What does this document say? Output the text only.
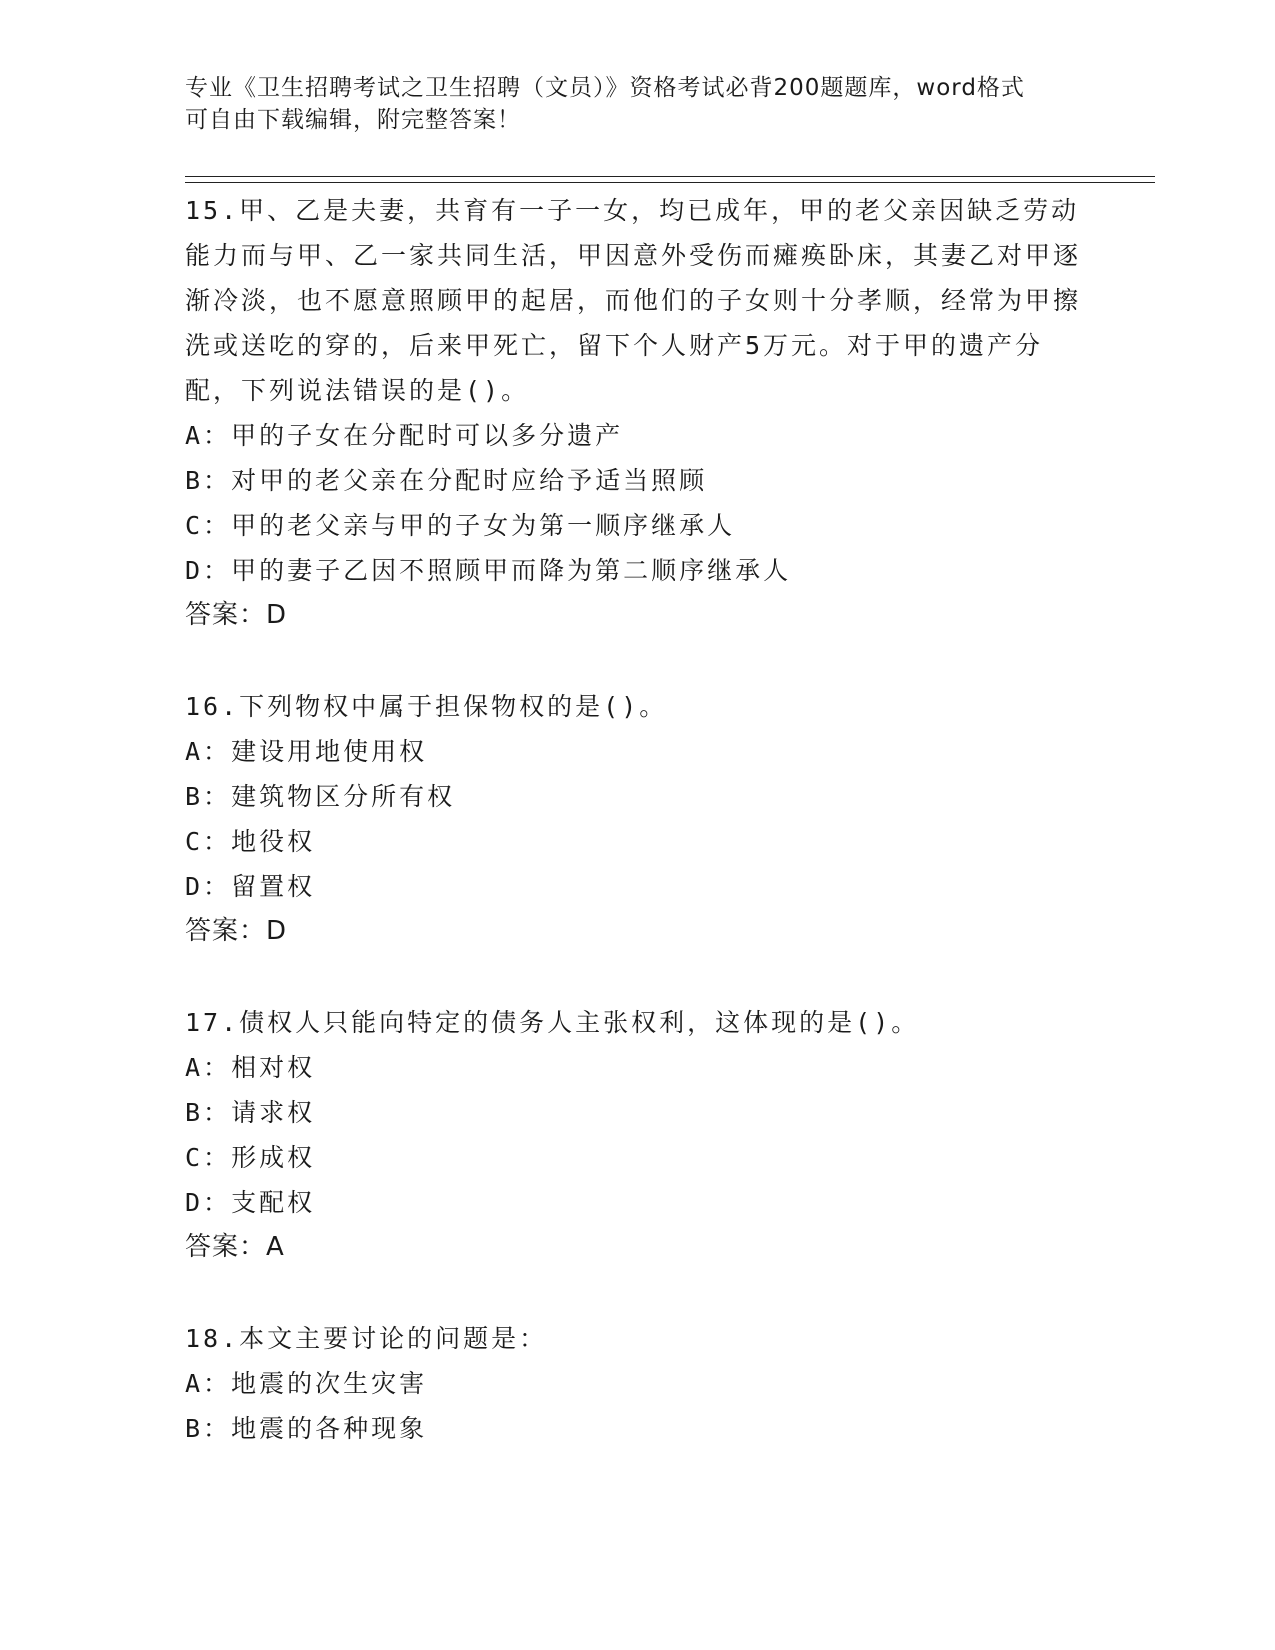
专业《卫生招聘考试之卫生招聘（文员）》资格考试必背200题题库，word格式
可自由下载编辑，附完整答案！

15.甲、乙是夫妻，共育有一子一女，均已成年，甲的老父亲因缺乏劳动能力而与甲、乙一家共同生活，甲因意外受伤而瘫痪卧床，其妻乙对甲逐渐冷淡，也不愿意照顾甲的起居，而他们的子女则十分孝顺，经常为甲擦洗或送吃的穿的，后来甲死亡，留下个人财产5万元。对于甲的遗产分配，下列说法错误的是()。

A：甲的子女在分配时可以多分遗产

B：对甲的老父亲在分配时应给予适当照顾

C：甲的老父亲与甲的子女为第一顺序继承人

D：甲的妻子乙因不照顾甲而降为第二顺序继承人

答案：D

16.下列物权中属于担保物权的是()。

A：建设用地使用权

B：建筑物区分所有权

C：地役权

D：留置权

答案：D

17.债权人只能向特定的债务人主张权利，这体现的是()。

A：相对权

B：请求权

C：形成权

D：支配权

答案：A

18.本文主要讨论的问题是：

A：地震的次生灾害

B：地震的各种现象
